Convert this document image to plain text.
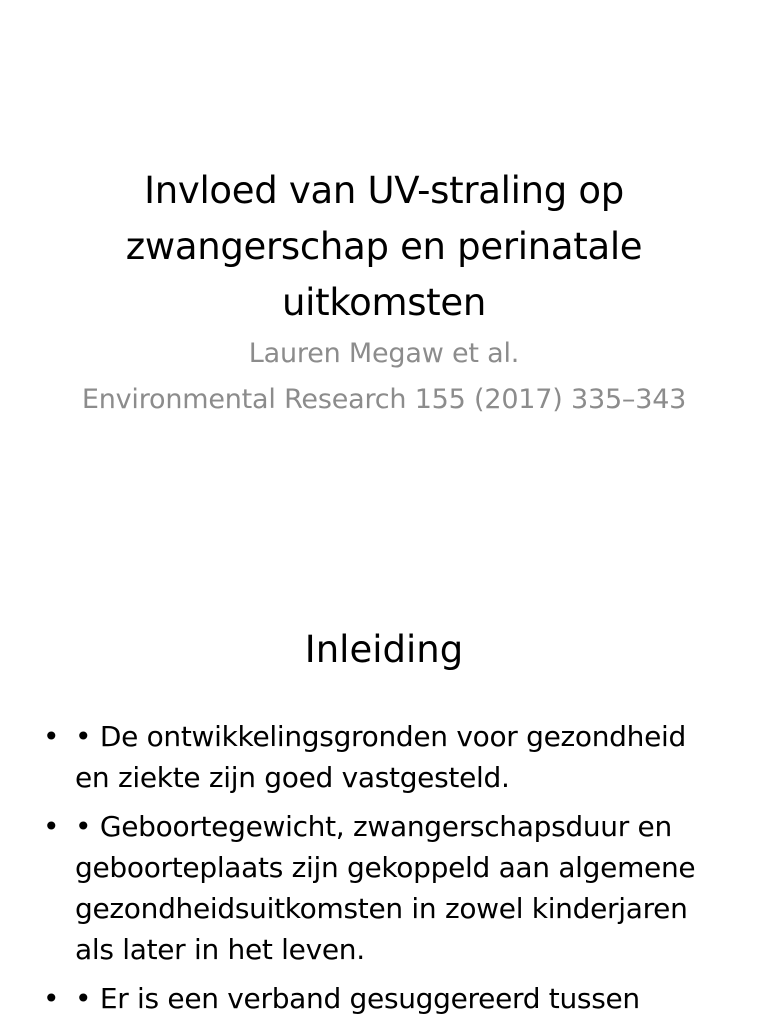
Invloed van UV-straling op zwangerschap en perinatale uitkomsten
Lauren Megaw et al.
Environmental Research 155 (2017) 335–343
Inleiding
• • De ontwikkelingsgronden voor gezondheid en ziekte zijn goed vastgesteld.
• • Geboortegewicht, zwangerschapsduur en geboorteplaats zijn gekoppeld aan algemene gezondheidsuitkomsten in zowel kinderjaren als later in het leven.
• • Er is een verband gesuggereerd tussen
